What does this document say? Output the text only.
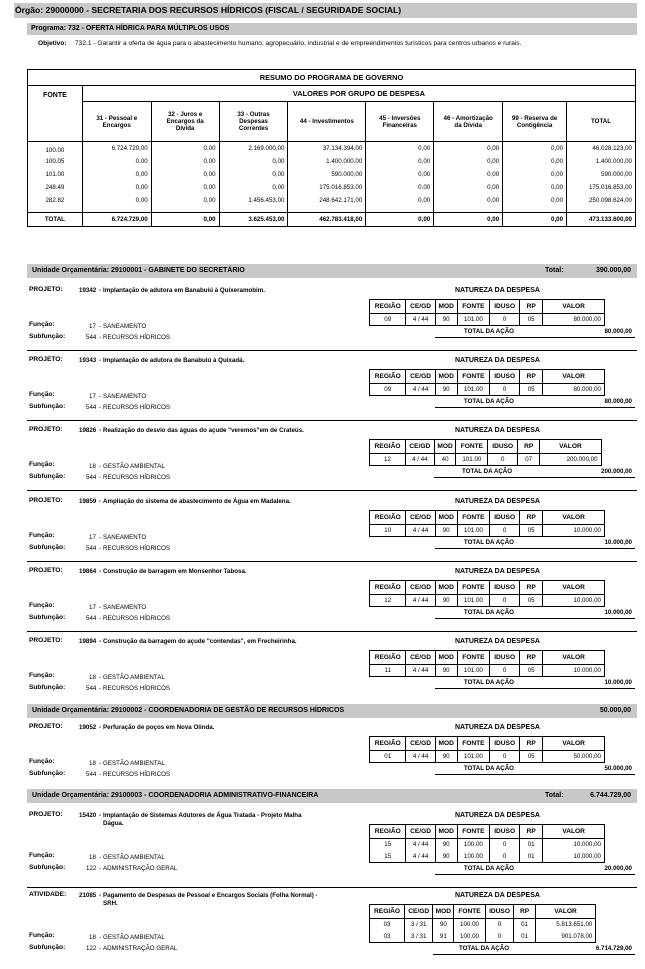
Órgão: 29000000 - SECRETARIA DOS RECURSOS HÍDRICOS (FISCAL / SEGURIDADE SOCIAL)
Programa: 732 - OFERTA HÍDRICA PARA MÚLTIPLOS USOS
Objetivo: 732.1 - Garantir a oferta de água para o abastecimento humano, agropecuário, industrial e de empreendimentos turísticos para centros urbanos e rurais.
RESUMO DO PROGRAMA DE GOVERNO								
FONTE	VALORES POR GRUPO DE DESPESA							
	31 - Pessoal e Encargos	32 - Juros e Encargos da Dívida	33 - Outras Despesas Correntes	44 - Investimentos	45 - Inversões Financeiras	46 - Amortização da Dívida	99 - Reserva de Contigência	TOTAL
100.00	6.724.729,00	0,00	2.169.000,00	37.134.394,00	0,00	0,00	0,00	46.028.123,00
100.05	0,00	0,00	0,00	1.400.000,00	0,00	0,00	0,00	1.400.000,00
101.00	0,00	0,00	0,00	590.000,00	0,00	0,00	0,00	590.000,00
248.49	0,00	0,00	0,00	175.016.853,00	0,00	0,00	0,00	175.016.853,00
282.82	0,00	0,00	1.456.453,00	248.642.171,00	0,00	0,00	0,00	250.098.624,00

TOTAL	6.724.729,00	0,00	3.625.453,00	462.783.418,00	0,00	0,00	0,00	473.133.600,00
Unidade Orçamentária: 29100001 - GABINETE DO SECRETÁRIO	Total:	390.000,00
Unidade Orçamentária: 29100002 - COORDENADORIA DE GESTÃO DE RECURSOS HÍDRICOS	50.000,00
Unidade Orçamentária: 29100003 - COORDENADORIA ADMINISTRATIVO-FINANCEIRA	Total:	6.744.729,00
PROJETO:	19342 - Implantação de adutora em Banabuiú à Quixeramobim.	NATUREZA DA DESPESA
REGIÃO	CE/GD	MOD	FONTE	IDUSO	RP	VALOR	
09	4 / 44	90	101.00	0	05	80.000,00	
		TOTAL DA AÇÃO					80.000,00
Função:	17 - SANEAMENTO
Subfunção:	544 - RECURSOS HÍDRICOS
PROJETO:	19343 - Implantação de adutora de Banabuiú à Quixadá.	NATUREZA DA DESPESA
REGIÃO	CE/GD	MOD	FONTE	IDUSO	RP	VALOR	
09	4 / 44	90	101.00	0	05	80.000,00	
		TOTAL DA AÇÃO					80.000,00
Função:	17 - SANEAMENTO
Subfunção:	544 - RECURSOS HÍDRICOS
PROJETO:	19826 - Realização do desvio das águas do açude "veremos"em de Crateús.	NATUREZA DA DESPESA
REGIÃO	CE/GD	MOD	FONTE	IDUSO	RP	VALOR	
12	4 / 44	40	101.00	0	07	200.000,00	
		TOTAL DA AÇÃO					200.000,00
Função:	18 - GESTÃO AMBIENTAL
Subfunção:	544 - RECURSOS HÍDRICOS
PROJETO:	19859 - Ampliação do sistema de abastecimento de Água em Madalena.	NATUREZA DA DESPESA
REGIÃO	CE/GD	MOD	FONTE	IDUSO	RP	VALOR	
10	4 / 44	90	101.00	0	05	10.000,00	
		TOTAL DA AÇÃO					10.000,00
Função:	17 - SANEAMENTO
Subfunção:	544 - RECURSOS HÍDRICOS
PROJETO:	19864 - Construção de barragem em Monsenhor Tabosa.	NATUREZA DA DESPESA
REGIÃO	CE/GD	MOD	FONTE	IDUSO	RP	VALOR	
12	4 / 44	90	101.00	0	05	10.000,00	
		TOTAL DA AÇÃO					10.000,00
Função:	17 - SANEAMENTO
Subfunção:	544 - RECURSOS HÍDRICOS
PROJETO:	19894 - Construção da barragem do açude "contendas", em Frecheirinha.	NATUREZA DA DESPESA
REGIÃO	CE/GD	MOD	FONTE	IDUSO	RP	VALOR	
11	4 / 44	90	101.00	0	05	10.000,00	
		TOTAL DA AÇÃO					10.000,00
Função:	18 - GESTÃO AMBIENTAL
Subfunção:	544 - RECURSOS HÍDRICOS
PROJETO:	19052 - Perfuração de poços em Nova Olinda.	NATUREZA DA DESPESA
REGIÃO	CE/GD	MOD	FONTE	IDUSO	RP	VALOR	
01	4 / 44	90	101.00	0	05	50.000,00	
		TOTAL DA AÇÃO					50.000,00
Função:	18 - GESTÃO AMBIENTAL
Subfunção:	544 - RECURSOS HÍDRICOS
PROJETO:	15420 - Implantação de Sistemas Adutores de Água Tratada - Projeto Malha
Dágua.
NATUREZA DA DESPESA
REGIÃO	CE/GD	MOD	FONTE	IDUSO	RP	VALOR	
15	4 / 44	90	100.00	0	01	10.000,00	
15	4 / 44	90	100.00	0	01	10.000,00	
		TOTAL DA AÇÃO					20.000,00
Função:	18 - GESTÃO AMBIENTAL
Subfunção:	122 - ADMINISTRAÇÃO GERAL
ATIVIDADE: 21085 - Pagamento de Despesas de Pessoal e Encargos Sociais (Folha Normal) -
SRH.
NATUREZA DA DESPESA
REGIÃO	CE/GD	MOD	FONTE	IDUSO	RP	VALOR	
03	3 / 31	90	100.00	0	01	5.813.651,00	
03	3 / 31	91	100.00	0	01	901.078,00	
		TOTAL DA AÇÃO					6.714.729,00
Função:	18 - GESTÃO AMBIENTAL
Subfunção:	122 - ADMINISTRAÇÃO GERAL
